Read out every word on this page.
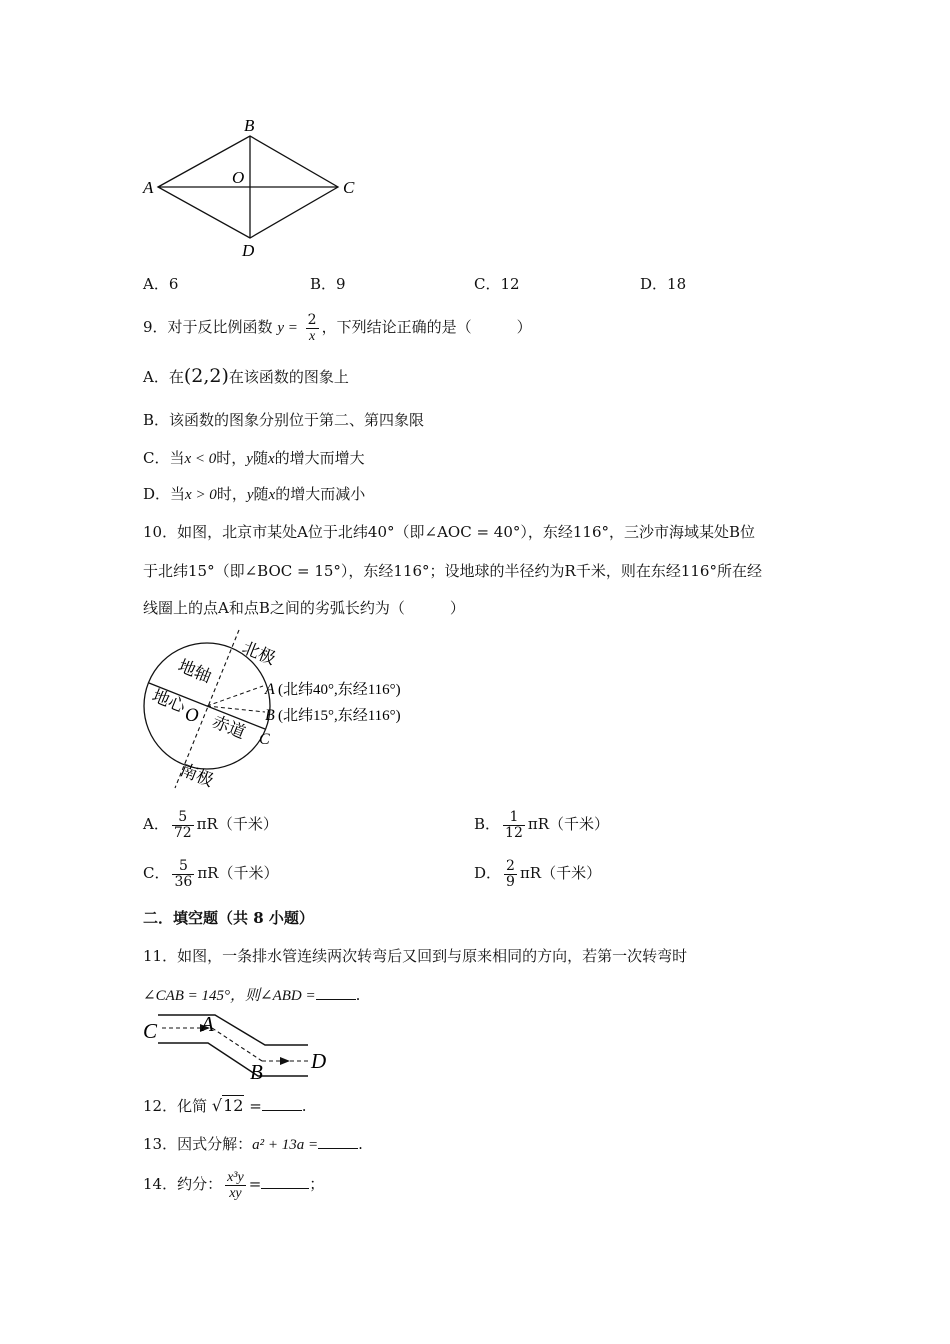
B
A
O
C
D
A．6	B．9	C．12	D．18
9．对于反比例函数 $y = \frac{2}{x}$ ，下列结论正确的是（　　　）
A．在(2,2)在该函数的图象上
B．该函数的图象分别位于第二、第四象限
C．当x < 0时，y随x的增大而增大
D．当x > 0时，y随x的增大而减小
10．如图，北京市某处A位于北纬40°（即∠AOC = 40°），东经116°，三沙市海域某处B位
于北纬15°（即∠BOC = 15°），东经116°；设地球的半径约为R千米，则在东经116°所在经
线圈上的点A和点B之间的劣弧长约为（　　　）
北极
地轴
地心
O 赤道
南极
A
B
C
(北纬40°,东经116°)
(北纬15°,东经116°)
A． $\frac{5}{72} \pi R$（千米）	B． $\frac{1}{12} \pi R$（千米）
C． $\frac{5}{36} \pi R$（千米）	D． $\frac{2}{9} \pi R$（千米）
二．填空题（共 8 小题）
11．如图，一条排水管连续两次转弯后又回到与原来相同的方向，若第一次转弯时
∠CAB = 145°，则∠ABD =	.
C A
B D
12．化简 √12 =	.
13．因式分解：a² + 13a =	.
14．约分： $\frac{\text{x³y}}{xy}$ =	；
